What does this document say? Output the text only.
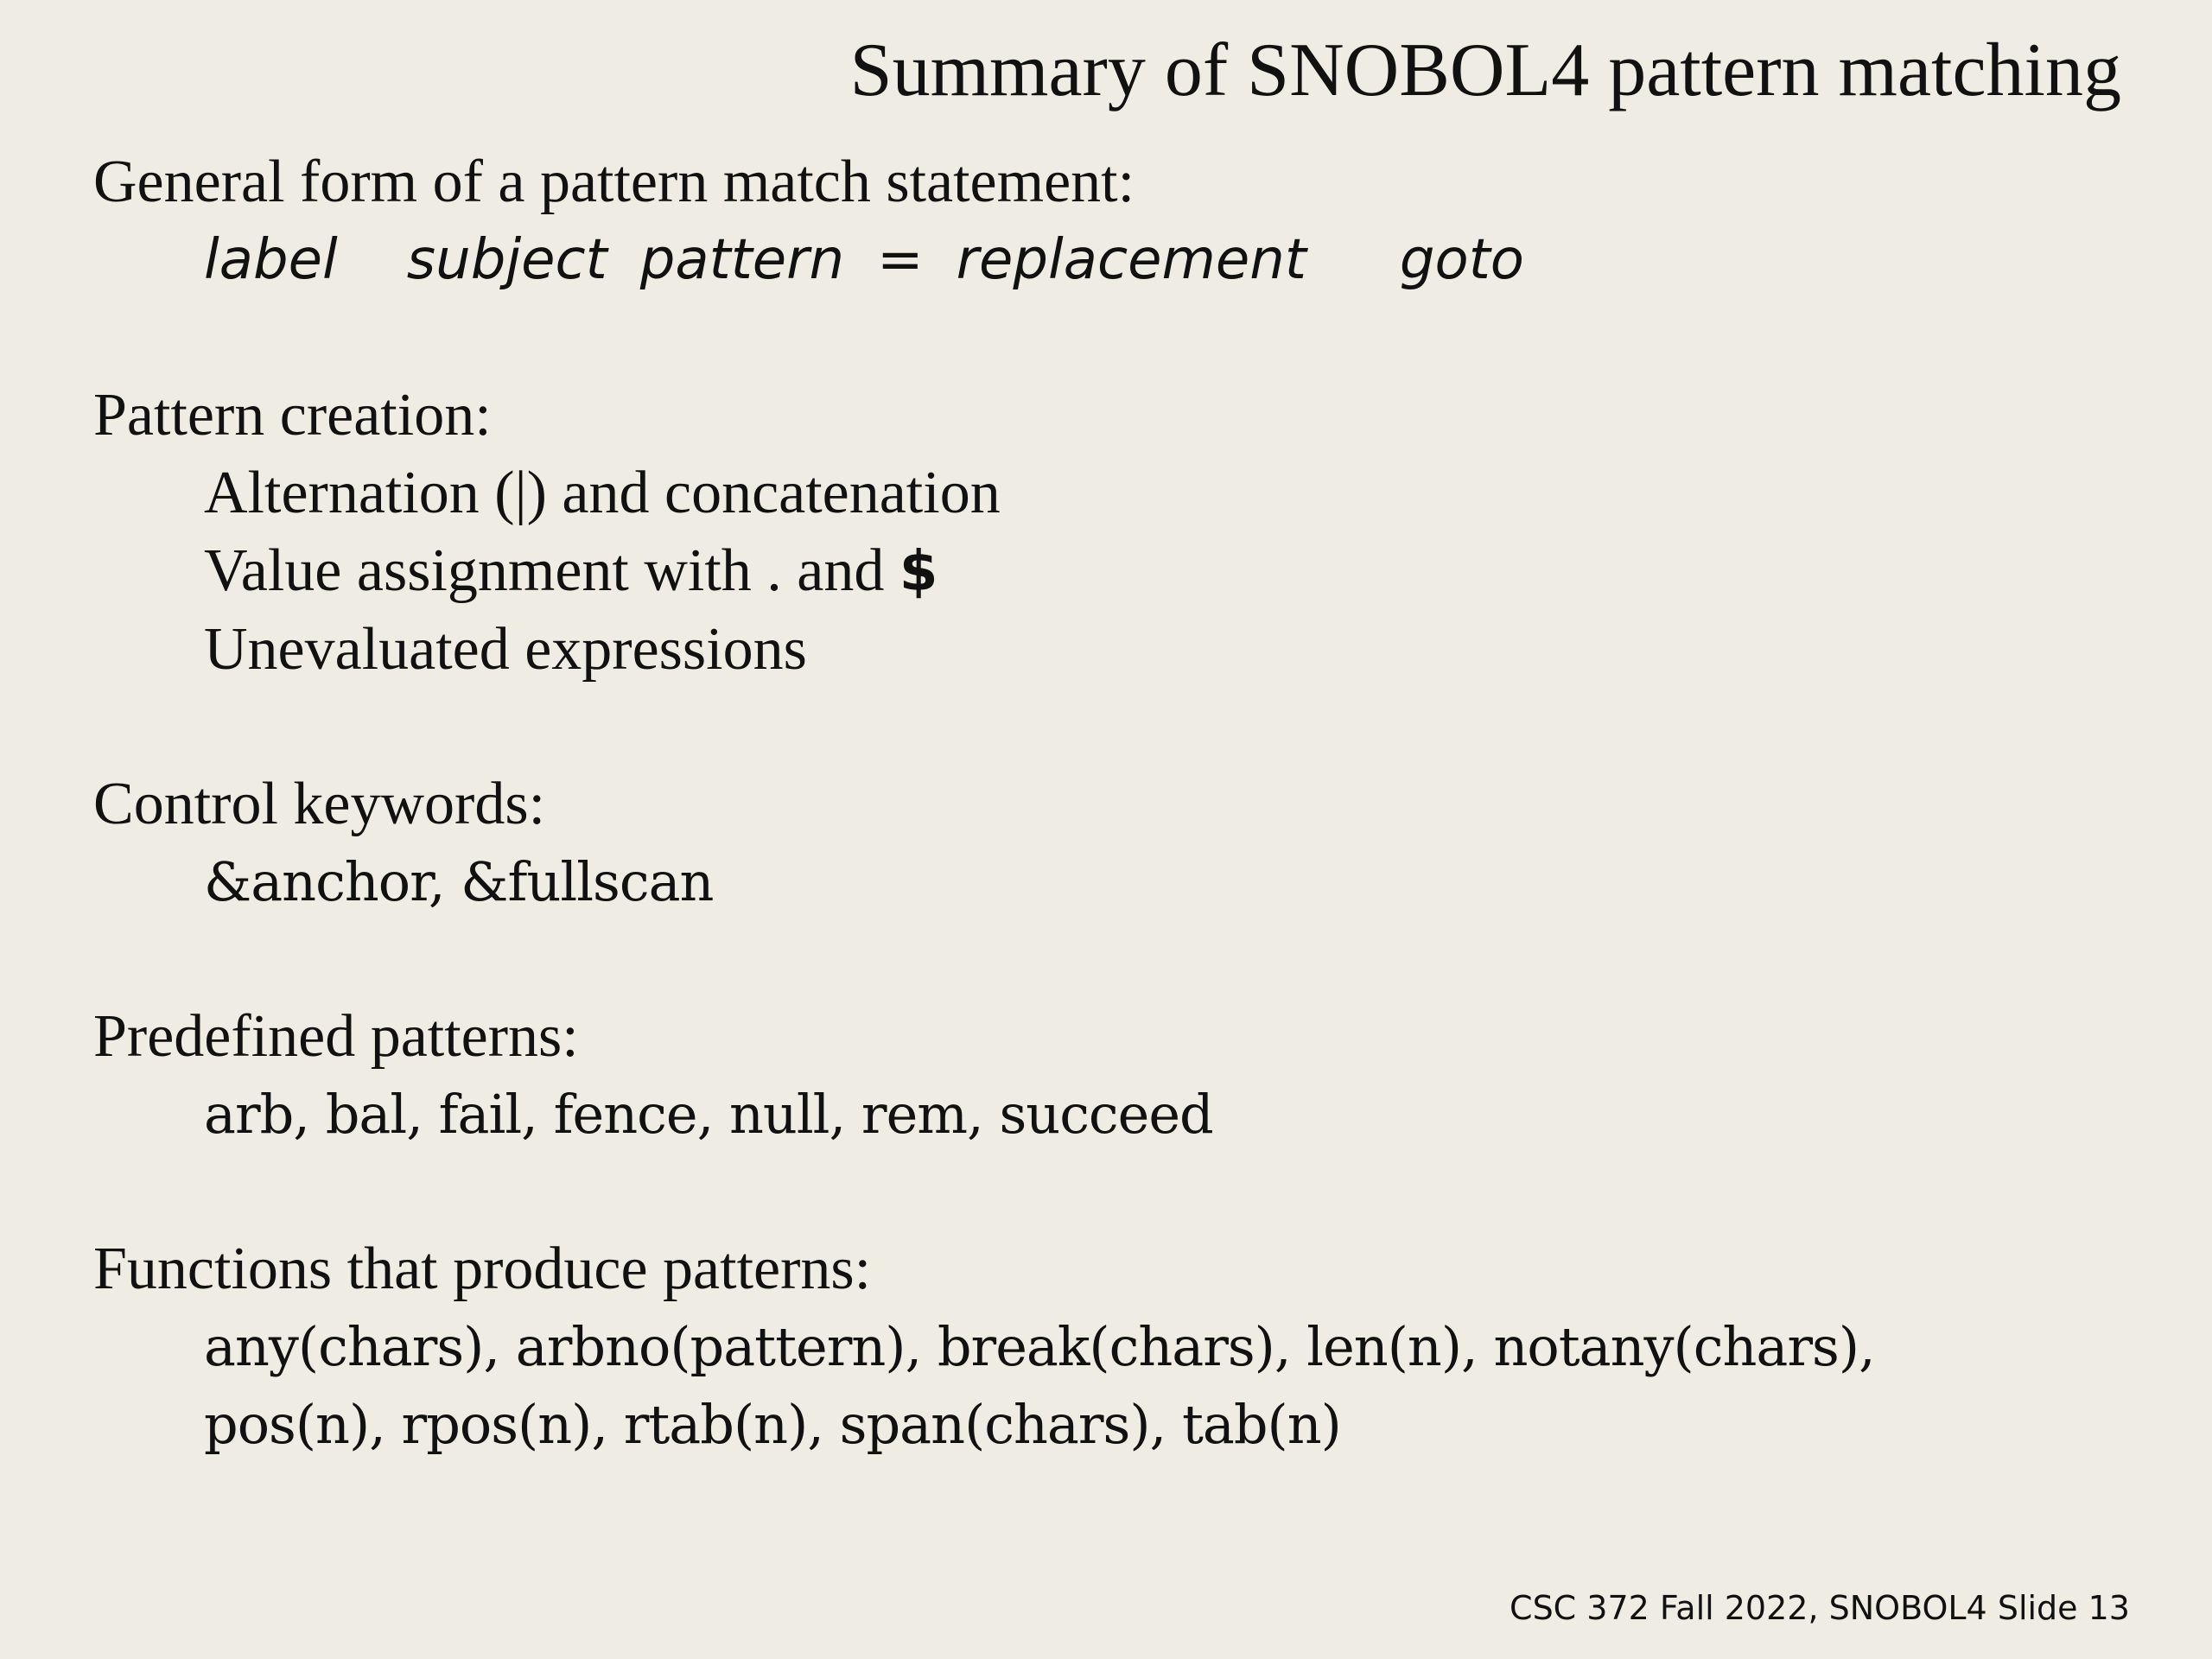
Summary of SNOBOL4 pattern matching
General form of a pattern match statement:
label subject pattern = replacement goto
Pattern creation:
Alternation (|) and concatenation
Value assignment with . and $
Unevaluated expressions
Control keywords:
&anchor, &fullscan
Predefined patterns:
arb, bal, fail, fence, null, rem, succeed
Functions that produce patterns:
any(chars), arbno(pattern), break(chars), len(n), notany(chars),
pos(n), rpos(n), rtab(n), span(chars), tab(n)
CSC 372 Fall 2022, SNOBOL4 Slide 13
